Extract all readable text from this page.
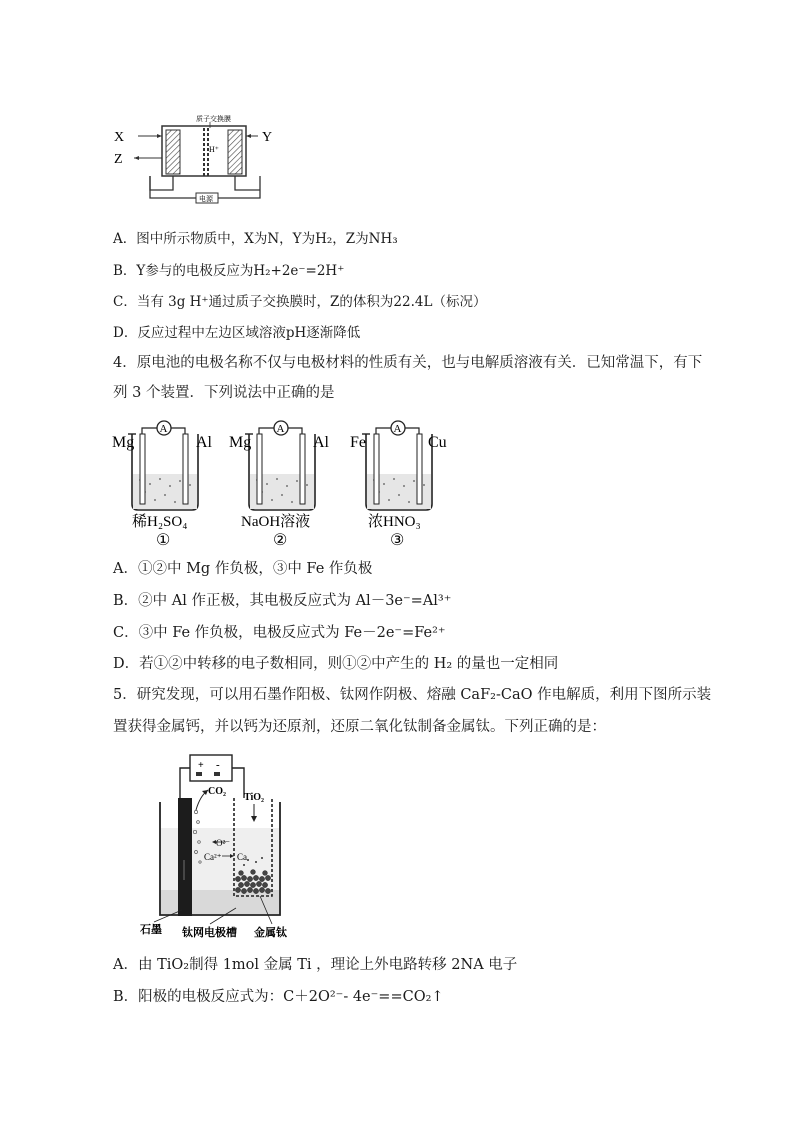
X
Z
Y
质子交换膜
H⁺
电源
A．图中所示物质中，X为N，Y为H₂，Z为NH₃
B．Y参与的电极反应为H₂+2e⁻=2H⁺
C．当有 3g H⁺通过质子交换膜时，Z的体积为22.4L（标况）
D．反应过程中左边区域溶液pH逐渐降低
4．原电池的电极名称不仅与电极材料的性质有关，也与电解质溶液有关．已知常温下，有下
列 3 个装置．下列说法中正确的是
A
Mg	Al
稀H₂SO₄
①
A
Mg	Al
NaOH溶液
②
A
Fe	Cu
浓HNO₃
③
A．①②中 Mg 作负极，③中 Fe 作负极
B．②中 Al 作正极，其电极反应式为 Al－3e⁻=Al³⁺
C．③中 Fe 作负极，电极反应式为 Fe－2e⁻=Fe²⁺
D．若①②中转移的电子数相同，则①②中产生的 H₂ 的量也一定相同
5．研究发现，可以用石墨作阳极、钛网作阴极、熔融 CaF₂-CaO 作电解质，利用下图所示装
置获得金属钙，并以钙为还原剂，还原二氧化钛制备金属钛。下列正确的是：
+ -
CO₂
TiO₂
O²⁻
Ca²⁺ Ca
石墨 钛网电极槽 金属钛
A．由 TiO₂制得 1mol 金属 Ti ，理论上外电路转移 2NA 电子
B．阳极的电极反应式为：C＋2O²⁻- 4e⁻==CO₂↑
